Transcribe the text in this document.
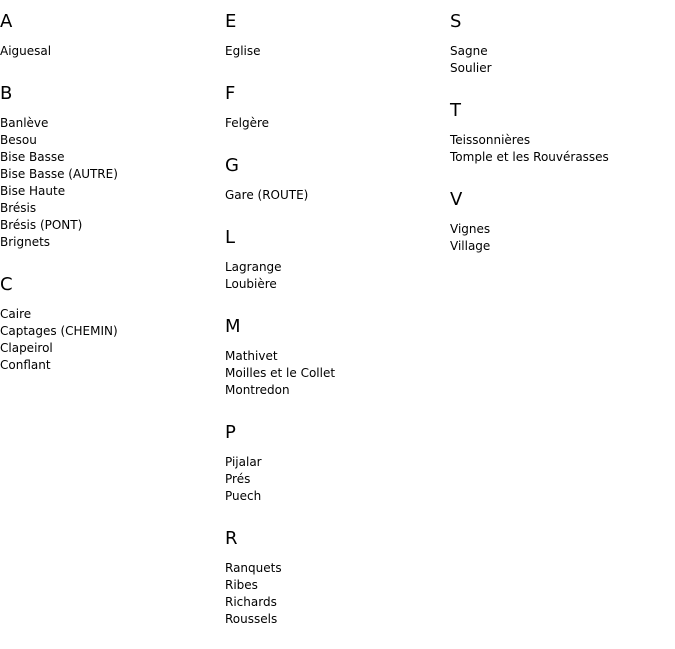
A
Aiguesal
B
Banlève
Besou
Bise Basse
Bise Basse (AUTRE)
Bise Haute
Brésis
Brésis (PONT)
Brignets
C
Caire
Captages (CHEMIN)
Clapeirol
Conflant
E
Eglise
F
Felgère
G
Gare (ROUTE)
L
Lagrange
Loubière
M
Mathivet
Moilles et le Collet
Montredon
P
Pijalar
Prés
Puech
R
Ranquets
Ribes
Richards
Roussels
S
Sagne
Soulier
T
Teissonnières
Tomple et les Rouvérasses
V
Vignes
Village
